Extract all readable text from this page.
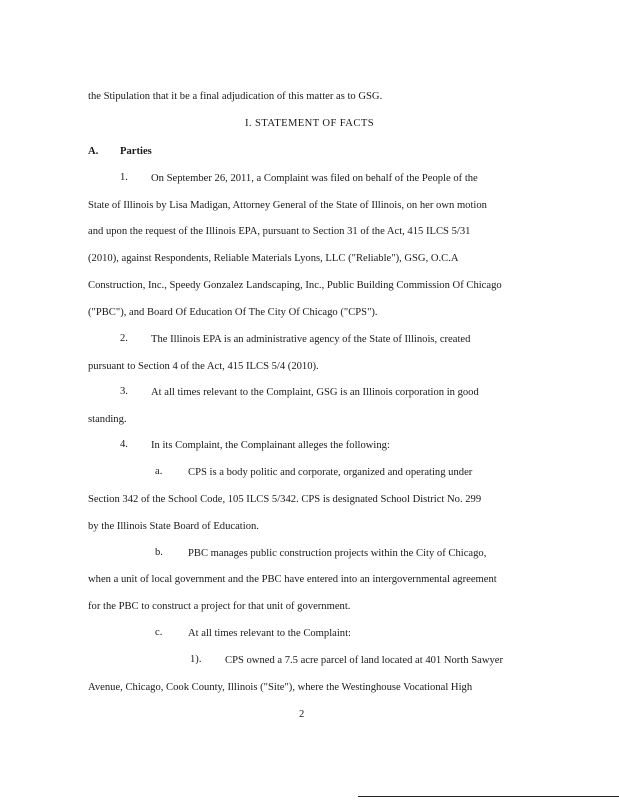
the Stipulation that it be a final adjudication of this matter as to GSG.
I. STATEMENT OF FACTS
A. Parties
1. On September 26, 2011, a Complaint was filed on behalf of the People of the
State of Illinois by Lisa Madigan, Attorney General of the State of Illinois, on her own motion
and upon the request of the Illinois EPA, pursuant to Section 31 of the Act, 415 ILCS 5/31
(2010), against Respondents, Reliable Materials Lyons, LLC ("Reliable"), GSG, O.C.A
Construction, Inc., Speedy Gonzalez Landscaping, Inc., Public Building Commission Of Chicago
("PBC"), and Board Of Education Of The City Of Chicago ("CPS").
2. The Illinois EPA is an administrative agency of the State of Illinois, created
pursuant to Section 4 of the Act, 415 ILCS 5/4 (2010).
3. At all times relevant to the Complaint, GSG is an Illinois corporation in good
standing.
4. In its Complaint, the Complainant alleges the following:
a. CPS is a body politic and corporate, organized and operating under
Section 342 of the School Code, 105 ILCS 5/342. CPS is designated School District No. 299
by the Illinois State Board of Education.
b. PBC manages public construction projects within the City of Chicago,
when a unit of local government and the PBC have entered into an intergovernmental agreement
for the PBC to construct a project for that unit of government.
c. At all times relevant to the Complaint:
1). CPS owned a 7.5 acre parcel of land located at 401 North Sawyer
Avenue, Chicago, Cook County, Illinois ("Site"), where the Westinghouse Vocational High
2
